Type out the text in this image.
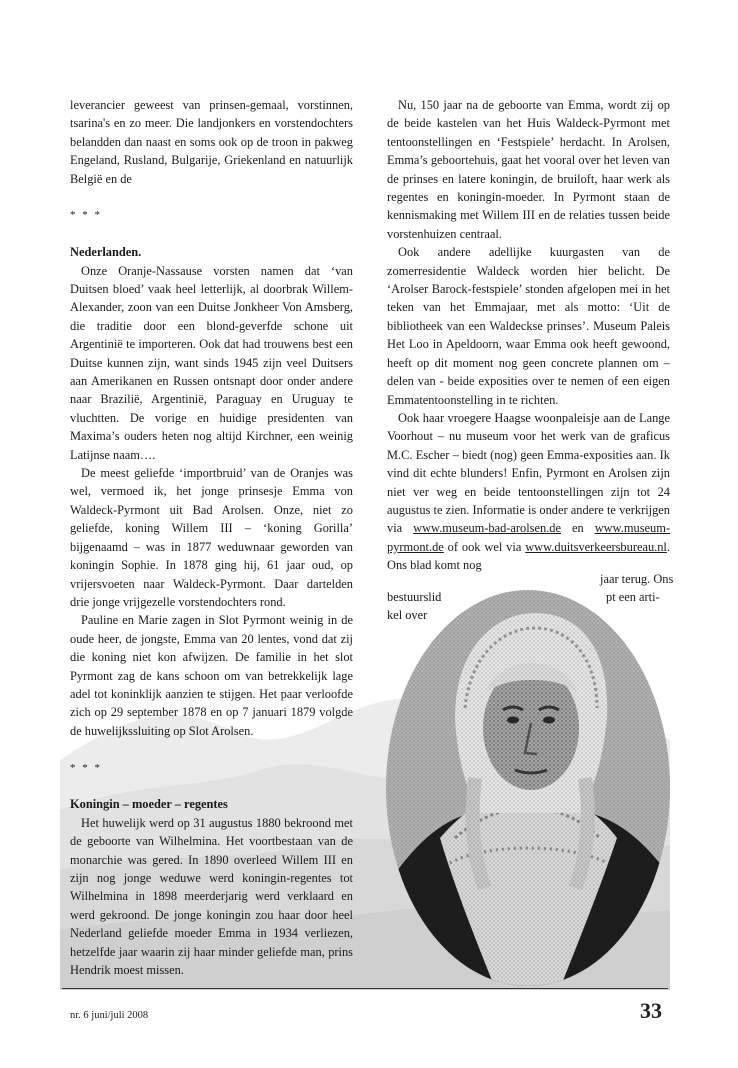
leverancier geweest van prinsen-gemaal, vorstinnen, tsarina's en zo meer. Die landjonkers en vorstendochters belandden dan naast en soms ook op de troon in pakweg Engeland, Rusland, Bulgarije, Griekenland en natuurlijk België en de

* * *

Nederlanden.

Onze Oranje-Nassause vorsten namen dat ‘van Duitsen bloed’ vaak heel letterlijk, al doorbrak Willem-Alexander, zoon van een Duitse Jonkheer Von Amsberg, die traditie door een blond-geverfde schone uit Argentinië te importeren. Ook dat had trouwens best een Duitse kunnen zijn, want sinds 1945 zijn veel Duitsers aan Amerikanen en Russen ontsnapt door onder andere naar Brazilië, Argentinië, Paraguay en Uruguay te vluchtten. De vorige en huidige presidenten van Maxima’s ouders heten nog altijd Kirchner, een weinig Latijnse naam….

De meest geliefde ‘importbruid’ van de Oranjes was wel, vermoed ik, het jonge prinsesje Emma von Waldeck-Pyrmont uit Bad Arolsen. Onze, niet zo geliefde, koning Willem III – ‘koning Gorilla’ bijgenaamd – was in 1877 weduwnaar geworden van koningin Sophie. In 1878 ging hij, 61 jaar oud, op vrijersvoeten naar Waldeck-Pyrmont. Daar dartelden drie jonge vrijgezelle vorstendochters rond.

Pauline en Marie zagen in Slot Pyrmont weinig in de oude heer, de jongste, Emma van 20 lentes, vond dat zij die koning niet kon afwijzen. De familie in het slot Pyrmont zag de kans schoon om van betrekkelijk lage adel tot koninklijk aanzien te stijgen. Het paar verloofde zich op 29 september 1878 en op 7 januari 1879 volgde de huwelijkssluiting op Slot Arolsen.

* * *

Koningin – moeder – regentes

Het huwelijk werd op 31 augustus 1880 bekroond met de geboorte van Wilhelmina. Het voortbestaan van de monarchie was gered. In 1890 overleed Willem III en zijn nog jonge weduwe werd koningin-regentes tot Wilhelmina in 1898 meerderjarig werd verklaard en werd gekroond. De jonge koningin zou haar door heel Nederland geliefde moeder Emma in 1934 verliezen, hetzelfde jaar waarin zij haar minder geliefde man, prins Hendrik moest missen.

Nu, 150 jaar na de geboorte van Emma, wordt zij op de beide kastelen van het Huis Waldeck-Pyrmont met tentoonstellingen en ‘Festspiele’ herdacht. In Arolsen, Emma’s geboortehuis, gaat het vooral over het leven van de prinses en latere koningin, de bruiloft, haar werk als regentes en koningin-moeder. In Pyrmont staan de kennismaking met Willem III en de relaties tussen beide vorstenhuizen centraal.

Ook andere adellijke kuurgasten van de zomerresidentie Waldeck worden hier belicht. De ‘Arolser Barock-festspiele’ stonden afgelopen mei in het teken van het Emmajaar, met als motto: ‘Uit de bibliotheek van een Waldeckse prinses’. Museum Paleis Het Loo in Apeldoorn, waar Emma ook heeft gewoond, heeft op dit moment nog geen concrete plannen om – delen van - beide exposities over te nemen of een eigen Emmatentoonstelling in te richten.

Ook haar vroegere Haagse woonpaleisje aan de Lange Voorhout – nu museum voor het werk van de graficus M.C. Escher – biedt (nog) geen Emma-exposities aan. Ik vind dit echte blunders! Enfin, Pyrmont en Arolsen zijn niet ver weg en beide tentoonstellingen zijn tot 24 augustus te zien. Informatie is onder andere te verkrijgen via www.museum-bad-arolsen.de en www.museum-pyrmont.de of ook wel via www.duitsverkeersbureau.nl. Ons blad komt nog

jaar terug. Ons
bestuurslid	pt een arti-
kel over
nr. 6 juni/juli 2008	33
